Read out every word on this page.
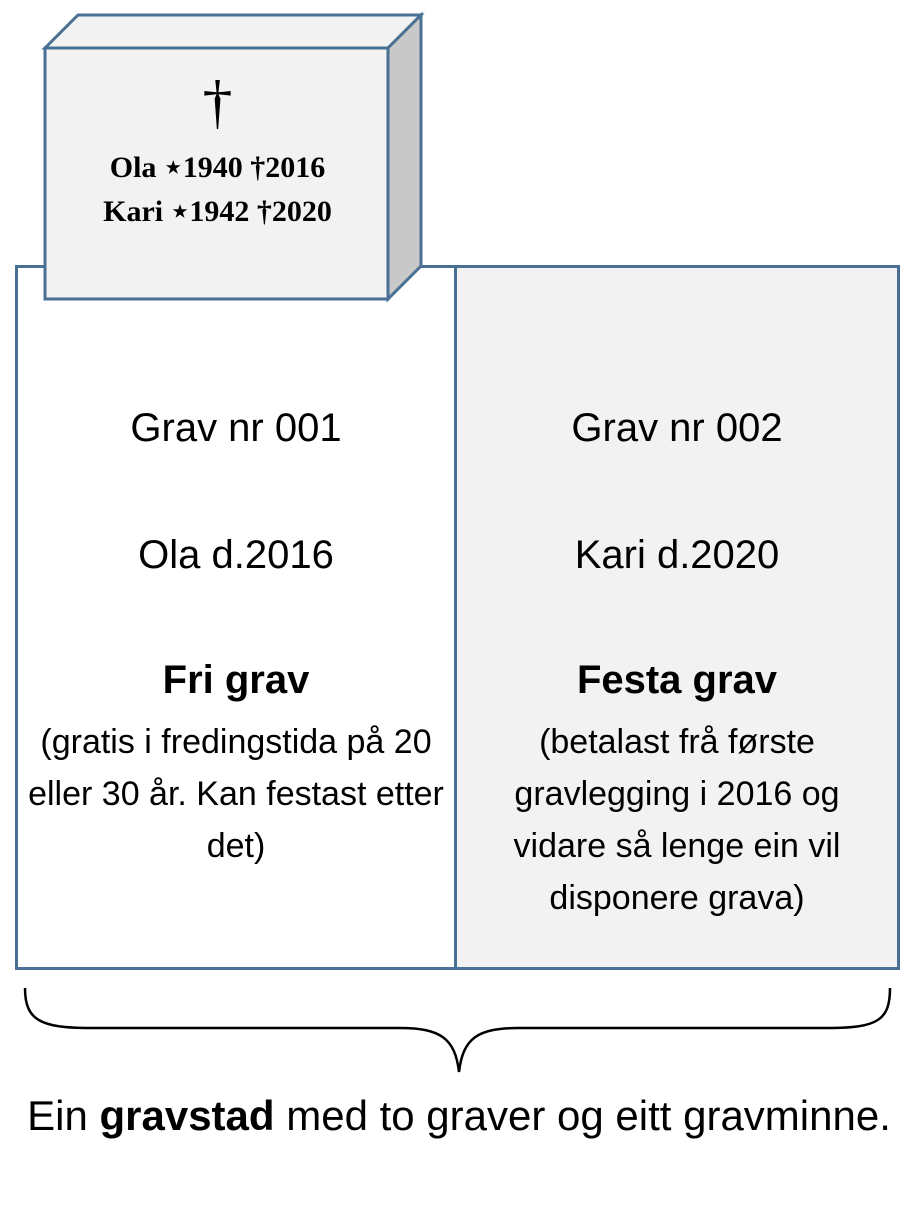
Grav nr 001
Ola d.2016
Fri grav
(gratis i fredingstida på 20 eller 30 år. Kan festast etter det)
Grav nr 002
Kari d.2020
Festa grav
(betalast frå første gravlegging i 2016 og vidare så lenge ein vil disponere grava)
†
Ola ⋆1940 †2016
Kari ⋆1942 †2020
Ein gravstad med to graver og eitt gravminne.
